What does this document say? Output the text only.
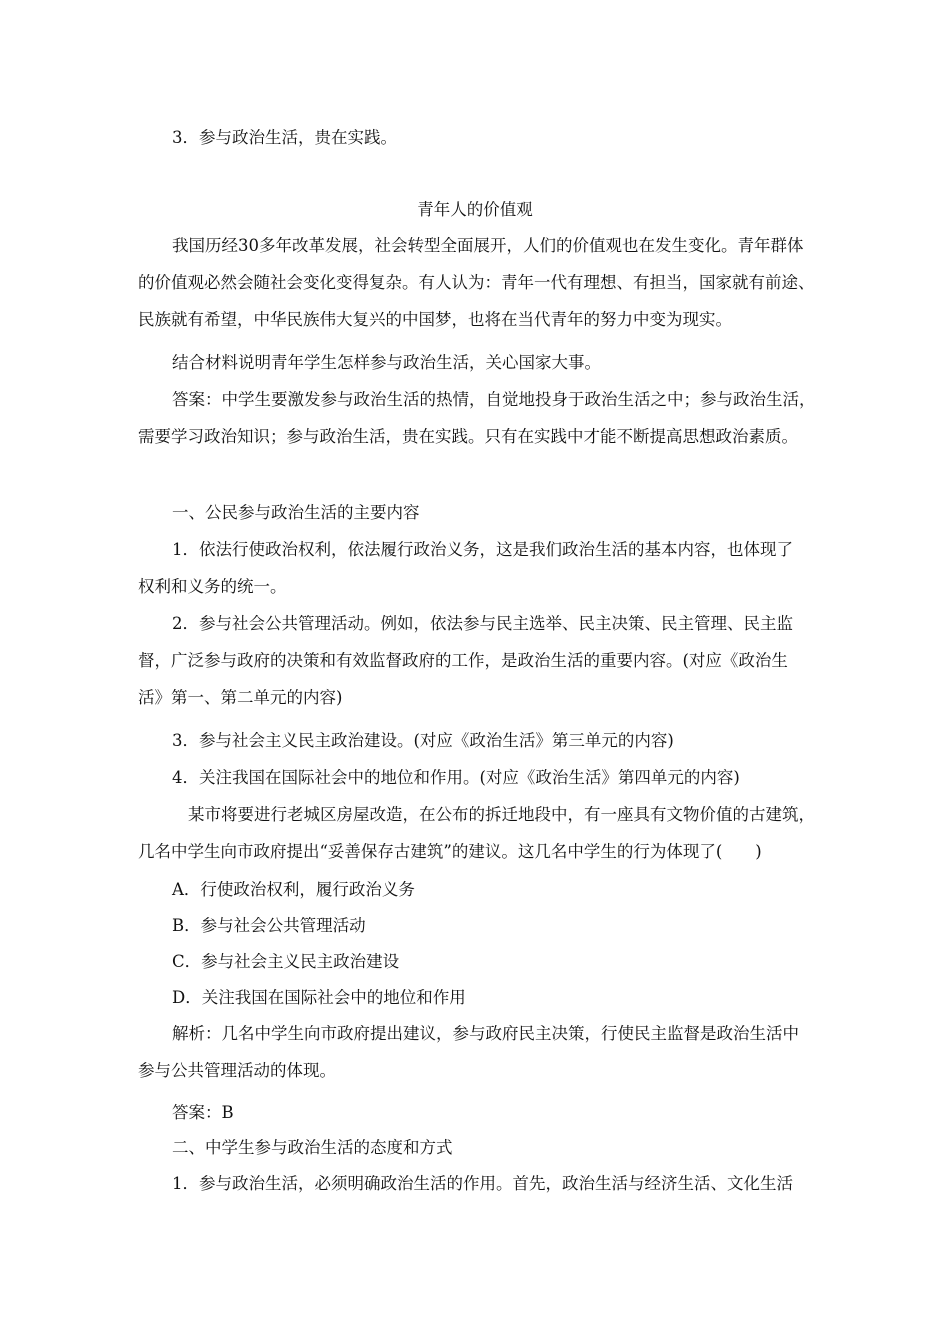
3．参与政治生活，贵在实践。
青年人的价值观
我国历经30多年改革发展，社会转型全面展开，人们的价值观也在发生变化。青年群体
的价值观必然会随社会变化变得复杂。有人认为：青年一代有理想、有担当，国家就有前途、
民族就有希望，中华民族伟大复兴的中国梦，也将在当代青年的努力中变为现实。
结合材料说明青年学生怎样参与政治生活，关心国家大事。
答案：中学生要激发参与政治生活的热情，自觉地投身于政治生活之中；参与政治生活，
需要学习政治知识；参与政治生活，贵在实践。只有在实践中才能不断提高思想政治素质。
一、公民参与政治生活的主要内容
1．依法行使政治权利，依法履行政治义务，这是我们政治生活的基本内容，也体现了
权利和义务的统一。
2．参与社会公共管理活动。例如，依法参与民主选举、民主决策、民主管理、民主监
督，广泛参与政府的决策和有效监督政府的工作，是政治生活的重要内容。(对应《政治生
活》第一、第二单元的内容)
3．参与社会主义民主政治建设。(对应《政治生活》第三单元的内容)
4．关注我国在国际社会中的地位和作用。(对应《政治生活》第四单元的内容)
某市将要进行老城区房屋改造，在公布的拆迁地段中，有一座具有文物价值的古建筑，
几名中学生向市政府提出“妥善保存古建筑”的建议。这几名中学生的行为体现了(　　)
A．行使政治权利，履行政治义务
B．参与社会公共管理活动
C．参与社会主义民主政治建设
D．关注我国在国际社会中的地位和作用
解析：几名中学生向市政府提出建议，参与政府民主决策，行使民主监督是政治生活中
参与公共管理活动的体现。
答案：B
二、中学生参与政治生活的态度和方式
1．参与政治生活，必须明确政治生活的作用。首先，政治生活与经济生活、文化生活
